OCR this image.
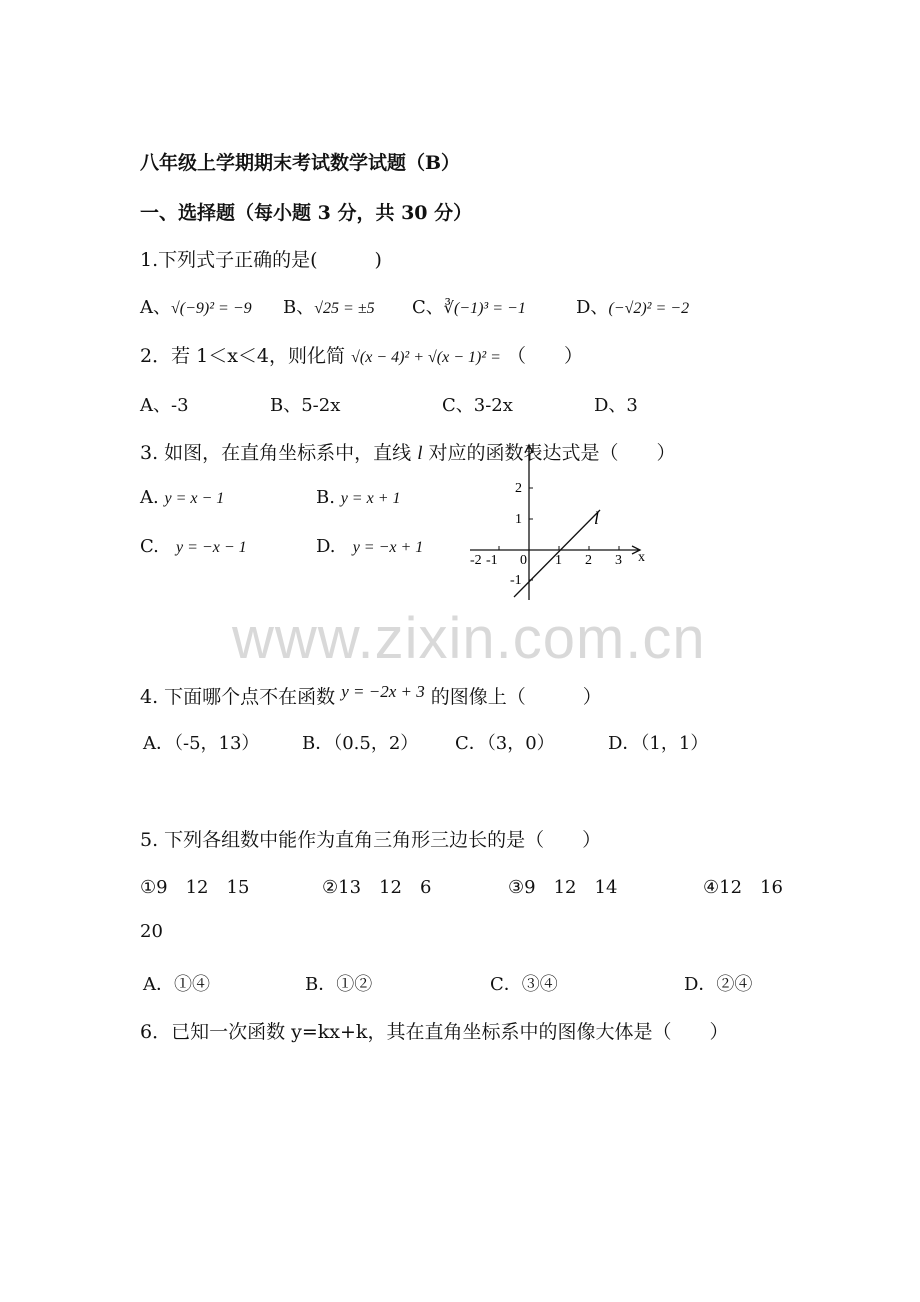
八年级上学期期末考试数学试题（B）
一、选择题（每小题 3 分，共 30 分）
1.下列式子正确的是(　　　)
A、√(−9)² = −9 B、√25 = ±5 C、∛(−1)³ = −1	D、(−√2)² = −2
2．若 1＜x＜4，则化简 √(x − 4)² + √(x − 1)² = （　　）
A、-3	B、5-2x	C、3-2x	D、3
3. 如图，在直角坐标系中，直线 l 对应的函数表达式是（　　）
A. y = x − 1	B. y = x + 1
C. y = −x − 1	D. y = −x + 1
-2 -1 0 1 2 3 x
2
1
-1
l
www.zixin.com.cn
4. 下面哪个点不在函数 y = −2x + 3 的图像上（　　　）
A．（-5，13） B．（0.5，2） C．（3，0）	D．（1，1）
5. 下列各组数中能作为直角三角形三边长的是（　　）
①9　12　15	②13　12　6	③9　12　14	④12　16
20
A．①④	B．①②	C．③④	D．②④
6．已知一次函数 y=kx+k，其在直角坐标系中的图像大体是（　　）
